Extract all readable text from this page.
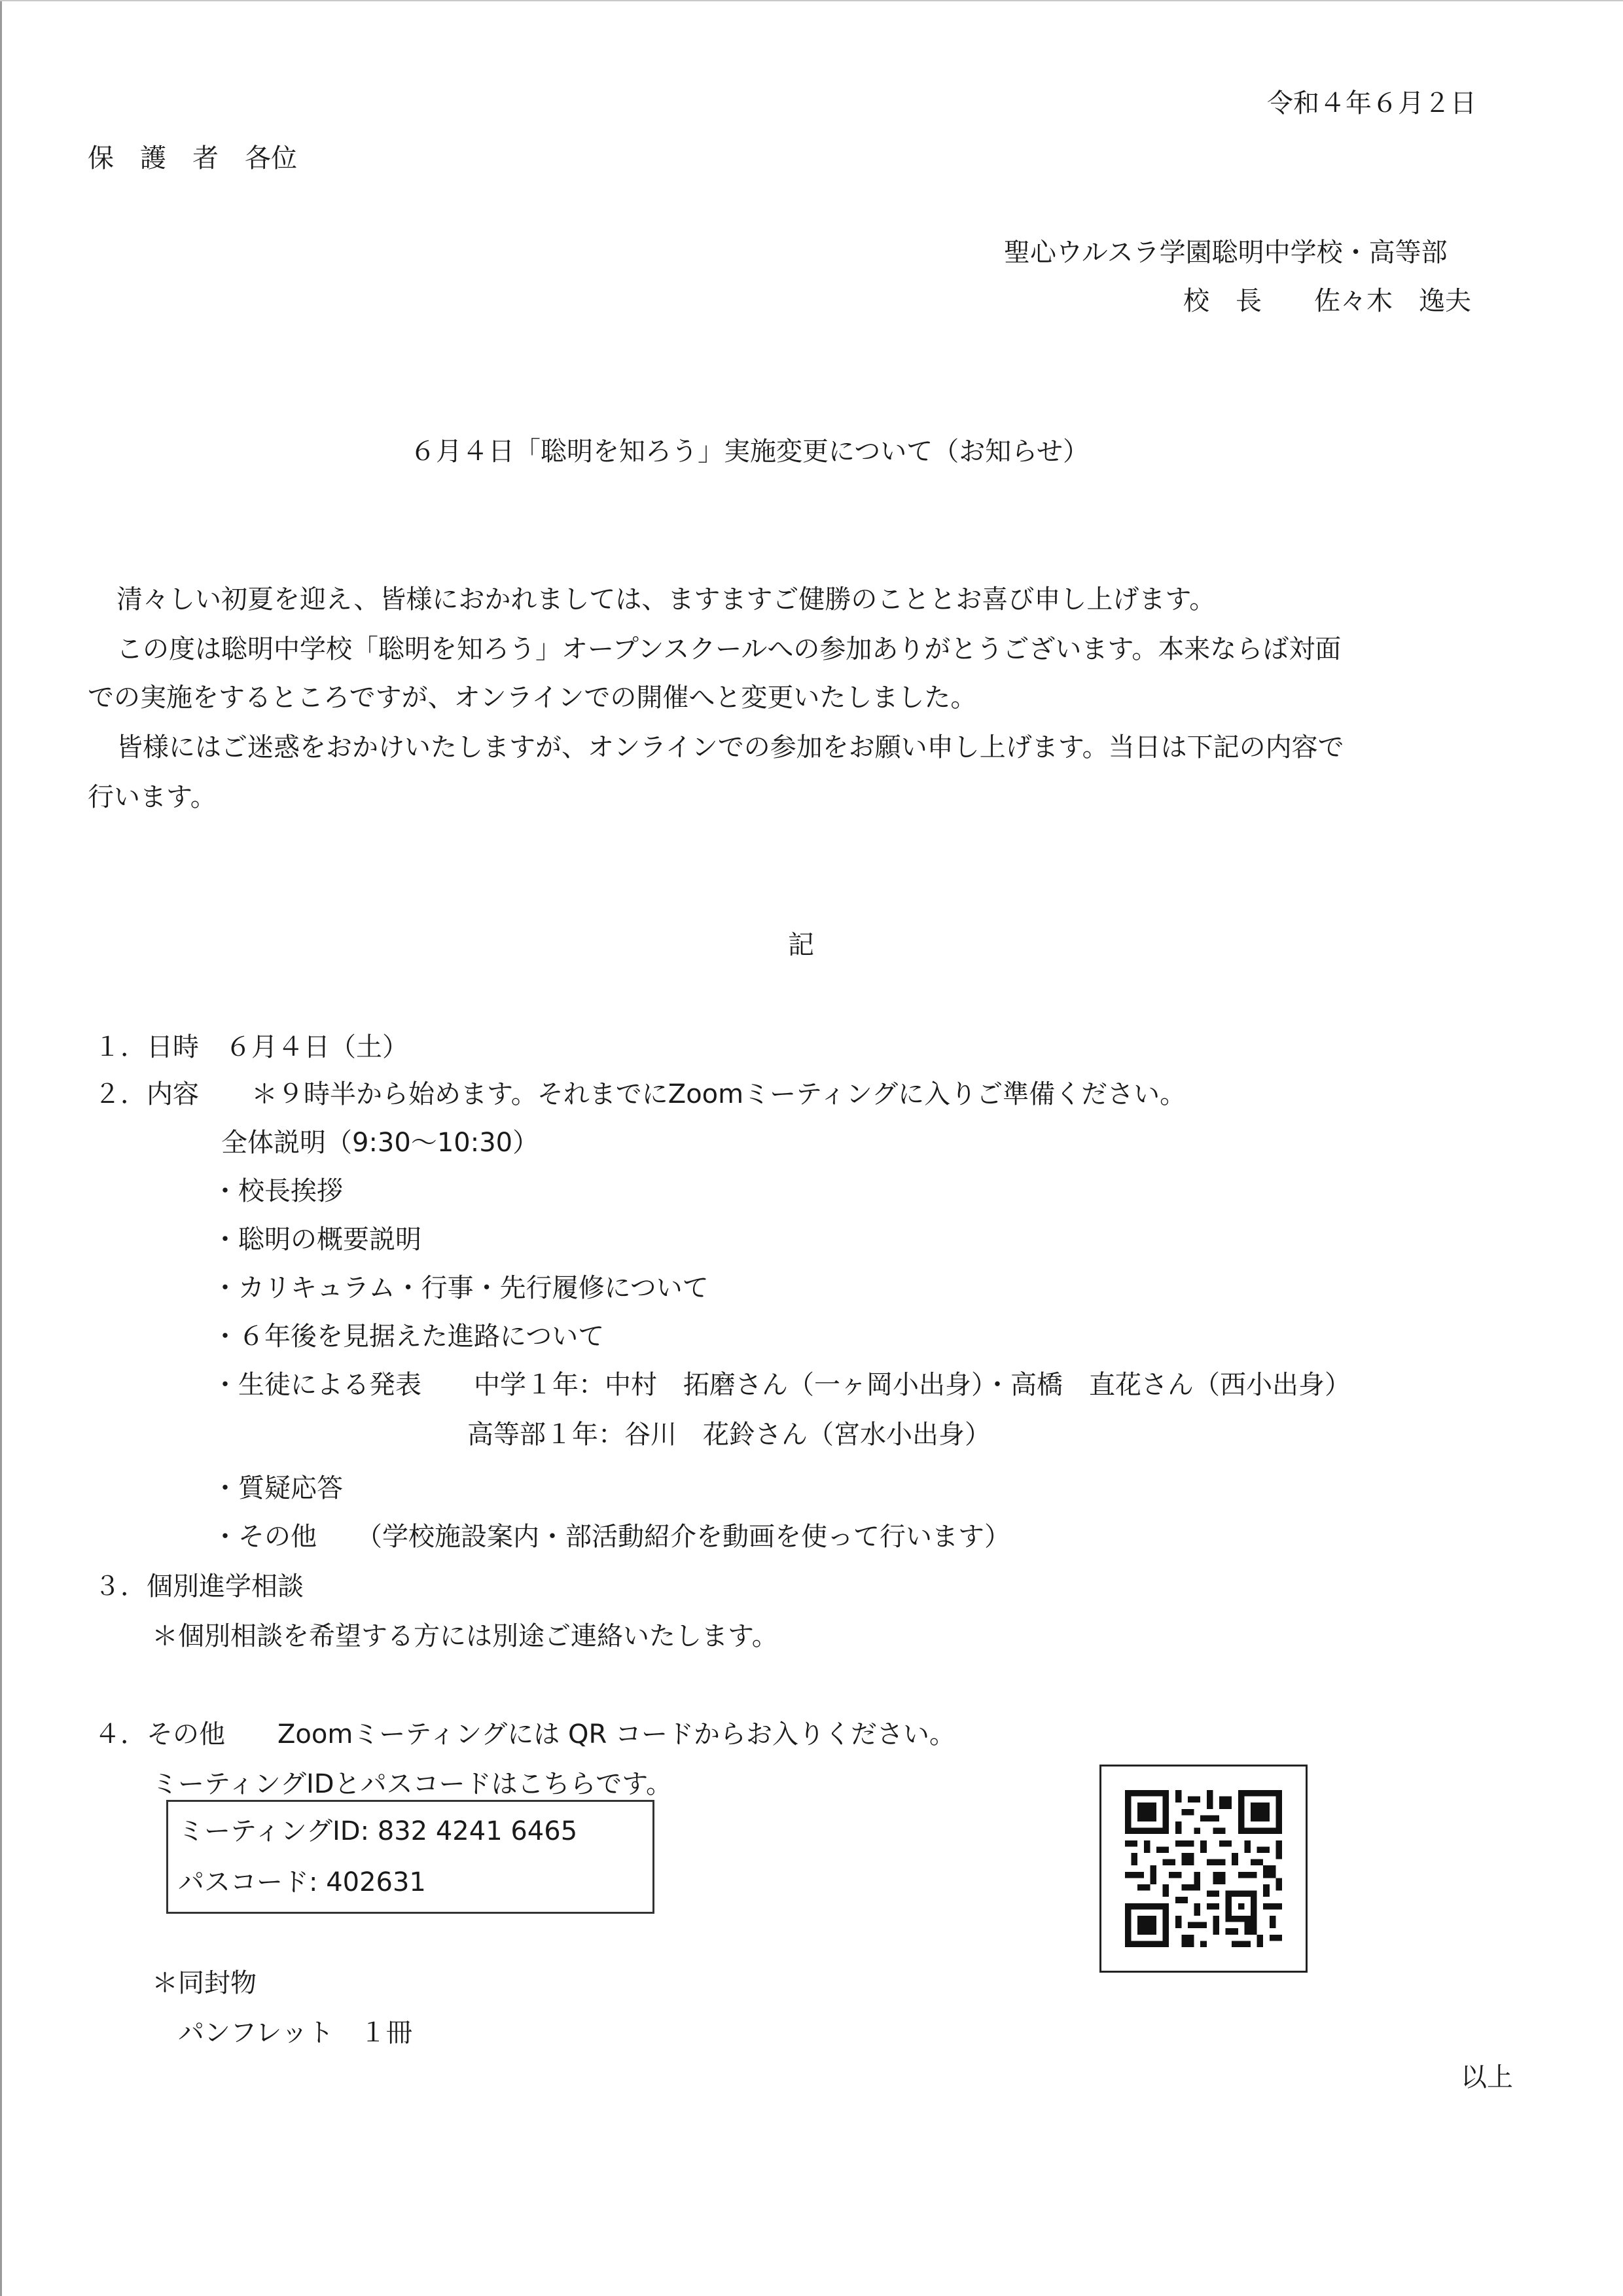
令和４年６月２日
保　護　者　各位
聖心ウルスラ学園聡明中学校・高等部
校　長　　佐々木　逸夫
６月４日「聡明を知ろう」実施変更について（お知らせ）
清々しい初夏を迎え、皆様におかれましては、ますますご健勝のこととお喜び申し上げます。
この度は聡明中学校「聡明を知ろう」オープンスクールへの参加ありがとうございます。本来ならば対面
での実施をするところですが、オンラインでの開催へと変更いたしました。
皆様にはご迷惑をおかけいたしますが、オンラインでの参加をお願い申し上げます。当日は下記の内容で
行います。
記
１．日時　６月４日（土）
２．内容　　＊９時半から始めます。それまでにZoomミーティングに入りご準備ください。
全体説明（9:30～10:30）
・校長挨拶
・聡明の概要説明
・カリキュラム・行事・先行履修について
・６年後を見据えた進路について
・生徒による発表　　中学１年：中村　拓磨さん（一ヶ岡小出身）・高橋　直花さん（西小出身）
高等部１年：谷川　花鈴さん（宮水小出身）
・質疑応答
・その他　　（学校施設案内・部活動紹介を動画を使って行います）
３．個別進学相談
＊個別相談を希望する方には別途ご連絡いたします。
４．その他　　Zoomミーティングには QR コードからお入りください。
ミーティングIDとパスコードはこちらです。
ミーティングID: 832 4241 6465
パスコード: 402631
＊同封物
パンフレット　１冊
以上
